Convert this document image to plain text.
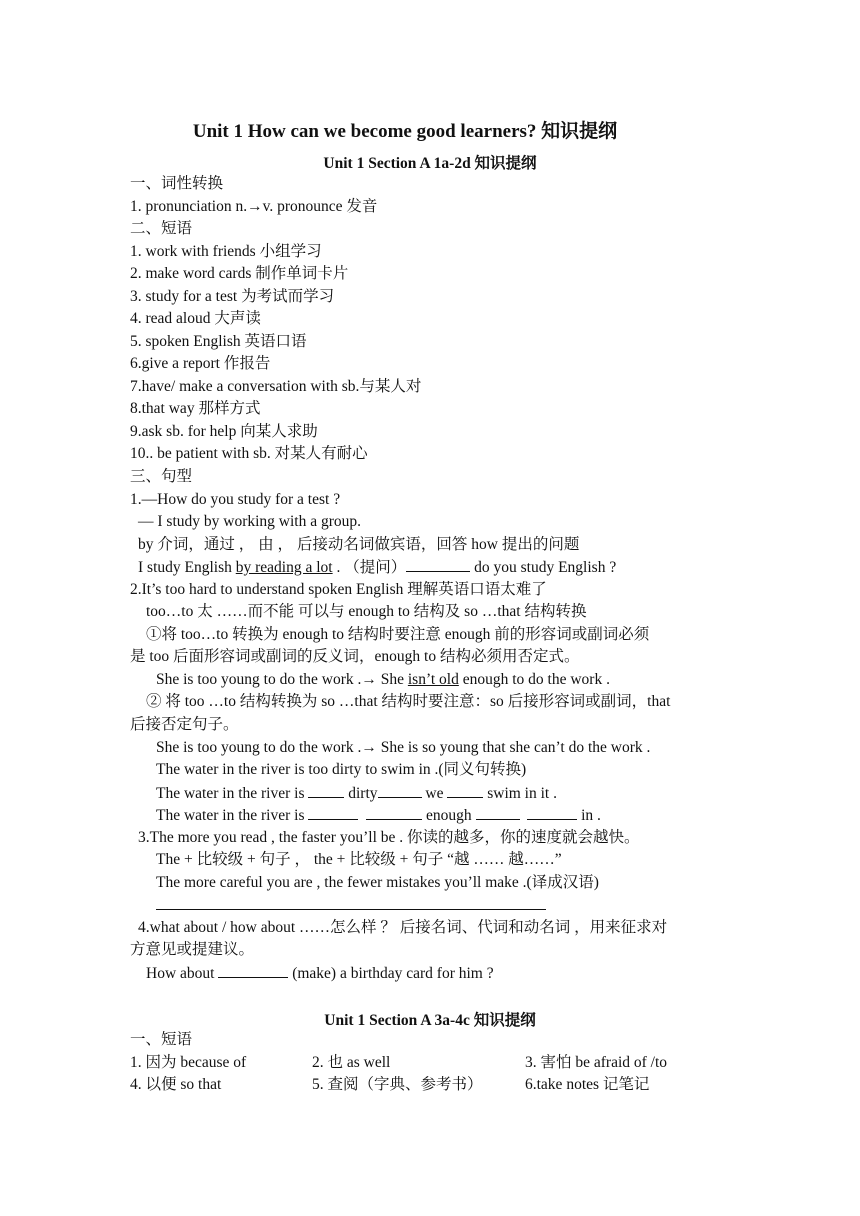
Unit 1 How can we become good learners? 知识提纲
Unit 1 Section A 1a-2d 知识提纲
一、词性转换
1. pronunciation n.→v. pronounce 发音
二、短语
1. work with friends 小组学习
2. make word cards 制作单词卡片
3. study for a test 为考试而学习
4. read aloud 大声读
5. spoken English 英语口语
6.give a report 作报告
7.have/ make a conversation with sb.与某人对
8.that way 那样方式
9.ask sb. for help 向某人求助
10.. be patient with sb. 对某人有耐心
三、句型
1.—How do you study for a test ?
— I study by working with a group.
by 介词，通过 ， 由 ， 后接动名词做宾语，回答 how 提出的问题
I study English by reading a lot . （提问）	do you study English ?
2.It’s too hard to understand spoken English 理解英语口语太难了
too…to 太 ……而不能 可以与 enough to 结构及 so …that 结构转换
①将 too…to 转换为 enough to 结构时要注意 enough 前的形容词或副词必须
是 too 后面形容词或副词的反义词，enough to 结构必须用否定式。
She is too young to do the work .→ She isn’t old enough to do the work .
② 将 too …to 结构转换为 so …that 结构时要注意：so 后接形容词或副词，that
后接否定句子。
She is too young to do the work .→ She is so young that she can’t do the work .
The water in the river is too dirty to swim in .(同义句转换)
The water in the river is  dirty	we  swim in it .
The water in the river is	enough	in .
3.The more you read , the faster you’ll be . 你读的越多，你的速度就会越快。
The + 比较级 + 句子 ， the + 比较级 + 句子 “越 …… 越……”
The more careful you are , the fewer mistakes you’ll make .(译成汉语)
4.what about / how about ……怎么样 ？ 后接名词、代词和动名词 ，用来征求对
方意见或提建议。
How about	(make) a birthday card for him ?
Unit 1 Section A 3a-4c 知识提纲
一、短语
1. 因为 because of	2. 也 as well	3. 害怕 be afraid of /to
4. 以便 so that	5. 查阅（字典、参考书）	6.take notes 记笔记
